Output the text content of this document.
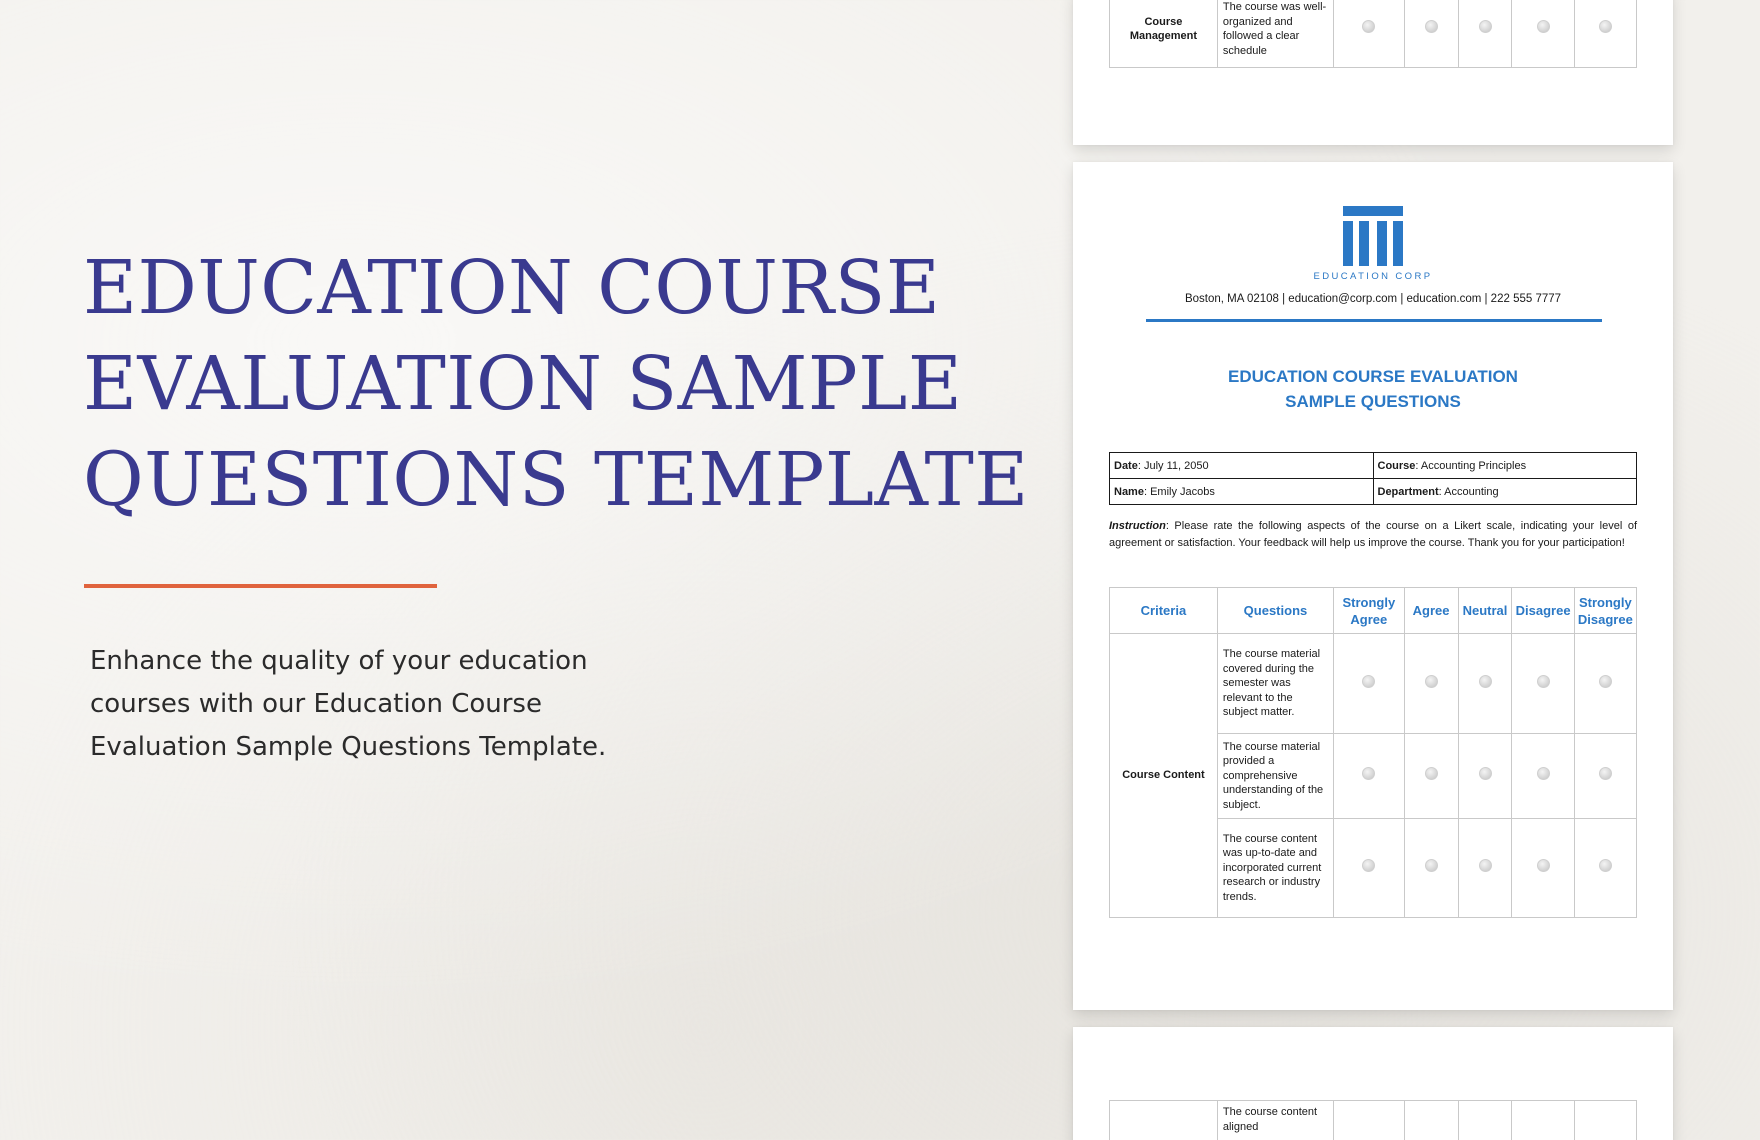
EDUCATION COURSE
EVALUATION SAMPLE
QUESTIONS TEMPLATE
Enhance the quality of your education
courses with our Education Course
Evaluation Sample Questions Template.
Course Management	The course was well-organized and followed a clear schedule					
EDUCATION CORP
Boston, MA 02108 | education@corp.com | education.com | 222 555 7777
EDUCATION COURSE EVALUATION
SAMPLE QUESTIONS
Date: July 11, 2050	Course: Accounting Principles
Name: Emily Jacobs	Department: Accounting
Instruction: Please rate the following aspects of the course on a Likert scale, indicating your level of agreement or satisfaction. Your feedback will help us improve the course. Thank you for your participation!
Criteria	Questions	Strongly Agree	Agree	Neutral	Disagree	Strongly Disagree
Course Content	The course material covered during the semester was relevant to the subject matter.					
	The course material provided a comprehensive understanding of the subject.					
	The course content was up-to-date and incorporated current research or industry trends.					
	The course content aligned					
